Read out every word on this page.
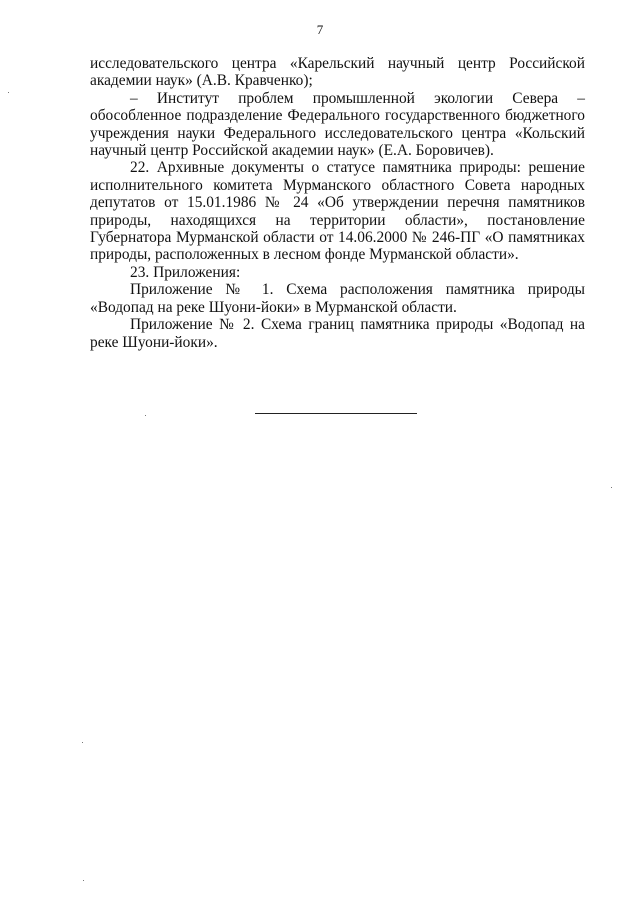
7

исследовательского центра «Карельский научный центр Российской академии наук» (А.В. Кравченко);

– Институт проблем промышленной экологии Севера – обособленное подразделение Федерального государственного бюджетного учреждения науки Федерального исследовательского центра «Кольский научный центр Российской академии наук» (Е.А. Боровичев).

22. Архивные документы о статусе памятника природы: решение исполнительного комитета Мурманского областного Совета народных депутатов от 15.01.1986 № 24 «Об утверждении перечня памятников природы, находящихся на территории области», постановление Губернатора Мурманской области от 14.06.2000 № 246-ПГ «О памятниках природы, расположенных в лесном фонде Мурманской области».

23. Приложения:

Приложение № 1. Схема расположения памятника природы «Водопад на реке Шуони-йоки» в Мурманской области.

Приложение № 2. Схема границ памятника природы «Водопад на реке Шуони-йоки».
